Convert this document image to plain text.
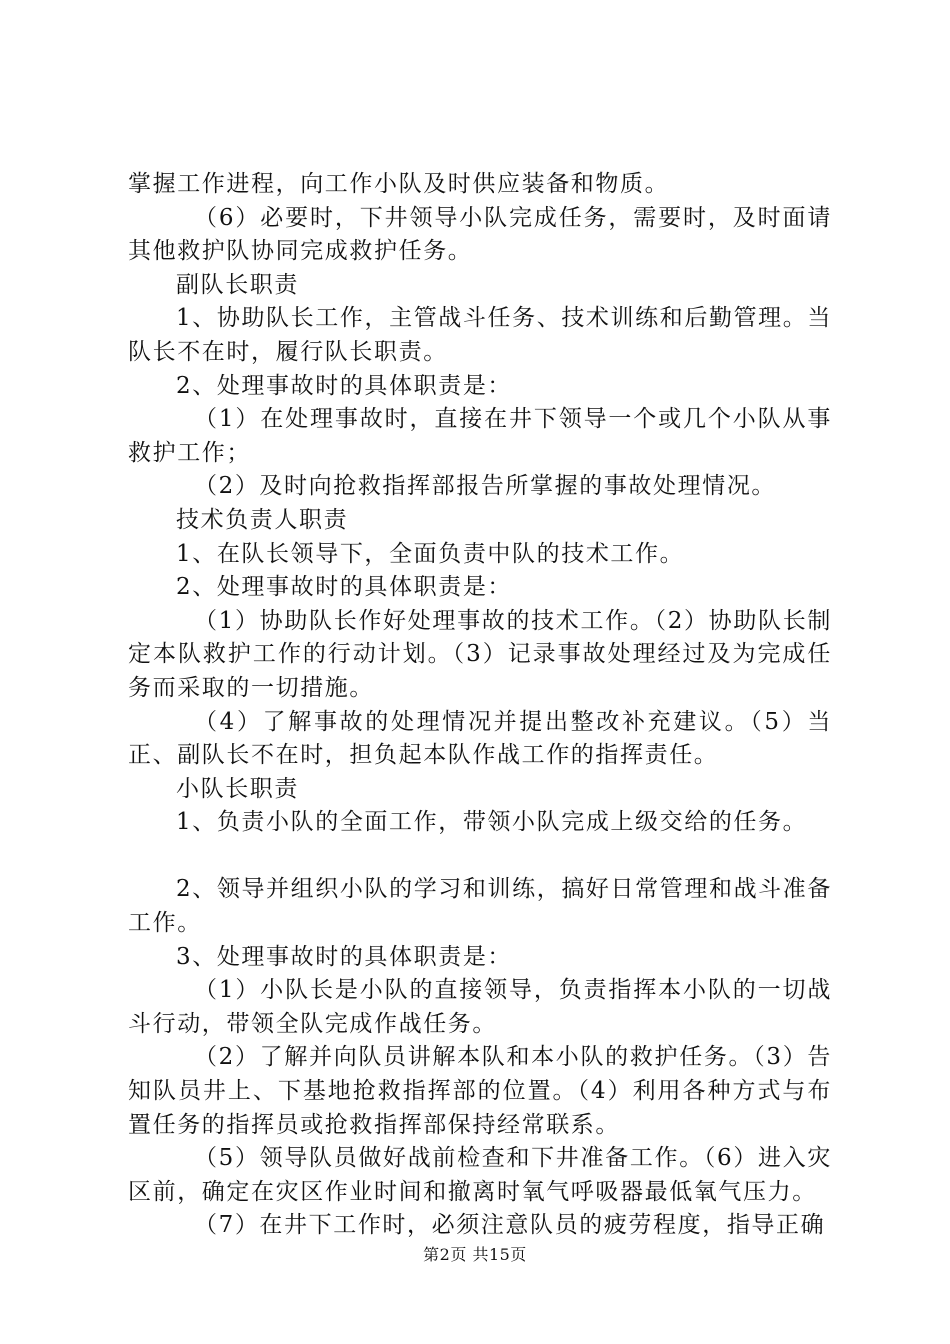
掌握工作进程，向工作小队及时供应装备和物质。

（6）必要时，下井领导小队完成任务，需要时，及时面请其他救护队协同完成救护任务。

副队长职责

1、协助队长工作，主管战斗任务、技术训练和后勤管理。当队长不在时，履行队长职责。

2、处理事故时的具体职责是：

（1）在处理事故时，直接在井下领导一个或几个小队从事救护工作；

（2）及时向抢救指挥部报告所掌握的事故处理情况。

技术负责人职责

1、在队长领导下，全面负责中队的技术工作。

2、处理事故时的具体职责是：

（1）协助队长作好处理事故的技术工作。（2）协助队长制定本队救护工作的行动计划。（3）记录事故处理经过及为完成任务而采取的一切措施。

（4）了解事故的处理情况并提出整改补充建议。（5）当正、副队长不在时，担负起本队作战工作的指挥责任。

小队长职责

1、负责小队的全面工作，带领小队完成上级交给的任务。

2、领导并组织小队的学习和训练，搞好日常管理和战斗准备工作。

3、处理事故时的具体职责是：

（1）小队长是小队的直接领导，负责指挥本小队的一切战斗行动，带领全队完成作战任务。

（2）了解并向队员讲解本队和本小队的救护任务。（3）告知队员井上、下基地抢救指挥部的位置。（4）利用各种方式与布置任务的指挥员或抢救指挥部保持经常联系。

（5）领导队员做好战前检查和下井准备工作。（6）进入灾区前，确定在灾区作业时间和撤离时氧气呼吸器最低氧气压力。

（7）在井下工作时，必须注意队员的疲劳程度，指导正确

第2页 共15页
